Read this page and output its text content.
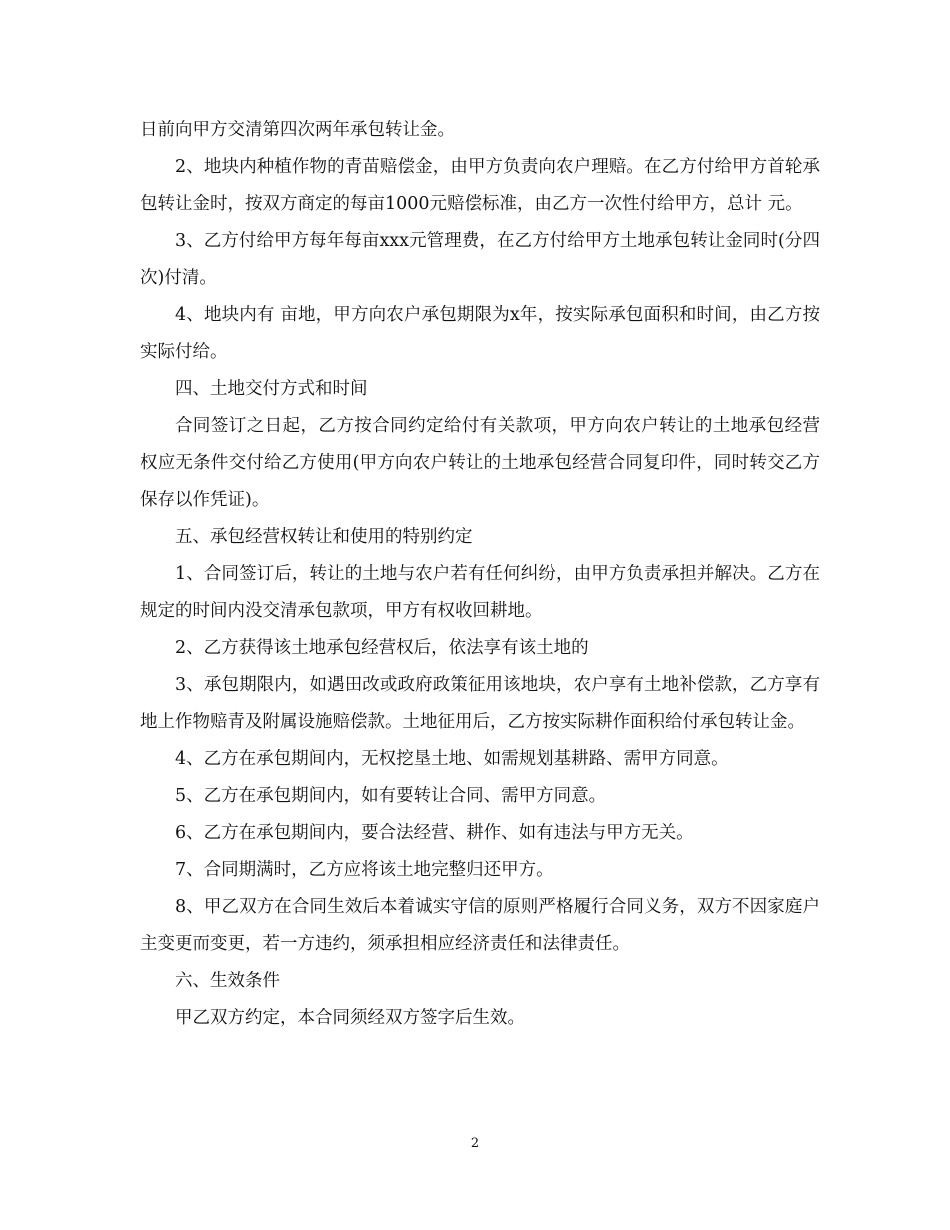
日前向甲方交清第四次两年承包转让金。

2、地块内种植作物的青苗赔偿金，由甲方负责向农户理赔。在乙方付给甲方首轮承包转让金时，按双方商定的每亩1000元赔偿标准，由乙方一次性付给甲方，总计 元。

3、乙方付给甲方每年每亩xxx元管理费，在乙方付给甲方土地承包转让金同时(分四次)付清。

4、地块内有 亩地，甲方向农户承包期限为x年，按实际承包面积和时间，由乙方按实际付给。

四、土地交付方式和时间

合同签订之日起，乙方按合同约定给付有关款项，甲方向农户转让的土地承包经营权应无条件交付给乙方使用(甲方向农户转让的土地承包经营合同复印件，同时转交乙方保存以作凭证)。

五、承包经营权转让和使用的特别约定

1、合同签订后，转让的土地与农户若有任何纠纷，由甲方负责承担并解决。乙方在规定的时间内没交清承包款项，甲方有权收回耕地。

2、乙方获得该土地承包经营权后，依法享有该土地的

3、承包期限内，如遇田改或政府政策征用该地块，农户享有土地补偿款，乙方享有地上作物赔青及附属设施赔偿款。土地征用后，乙方按实际耕作面积给付承包转让金。

4、乙方在承包期间内，无权挖垦土地、如需规划基耕路、需甲方同意。

5、乙方在承包期间内，如有要转让合同、需甲方同意。

6、乙方在承包期间内，要合法经营、耕作、如有违法与甲方无关。

7、合同期满时，乙方应将该土地完整归还甲方。

8、甲乙双方在合同生效后本着诚实守信的原则严格履行合同义务，双方不因家庭户主变更而变更，若一方违约，须承担相应经济责任和法律责任。

六、生效条件

甲乙双方约定，本合同须经双方签字后生效。

2
